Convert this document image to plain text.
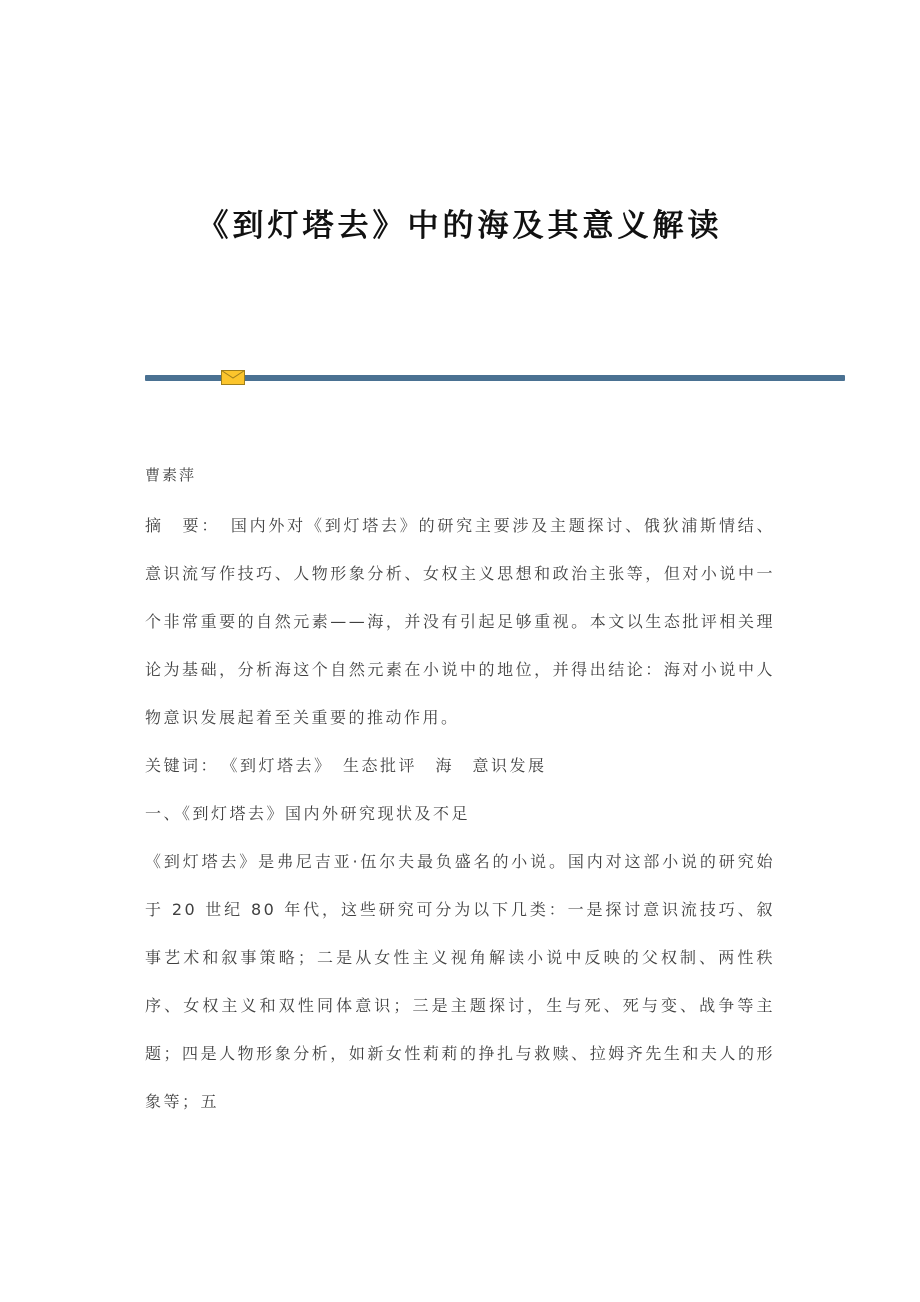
《到灯塔去》中的海及其意义解读

曹素萍

摘　要：　国内外对《到灯塔去》的研究主要涉及主题探讨、俄狄浦斯情结、意识流写作技巧、人物形象分析、女权主义思想和政治主张等，但对小说中一个非常重要的自然元素——海，并没有引起足够重视。本文以生态批评相关理论为基础，分析海这个自然元素在小说中的地位，并得出结论：海对小说中人物意识发展起着至关重要的推动作用。

关键词：　《到灯塔去》　生态批评　海　意识发展

一、《到灯塔去》国内外研究现状及不足

《到灯塔去》是弗尼吉亚·伍尔夫最负盛名的小说。国内对这部小说的研究始于 20 世纪 80 年代，这些研究可分为以下几类：一是探讨意识流技巧、叙事艺术和叙事策略；二是从女性主义视角解读小说中反映的父权制、两性秩序、女权主义和双性同体意识；三是主题探讨，生与死、死与变、战争等主题；四是人物形象分析，如新女性莉莉的挣扎与救赎、拉姆齐先生和夫人的形象等；五
